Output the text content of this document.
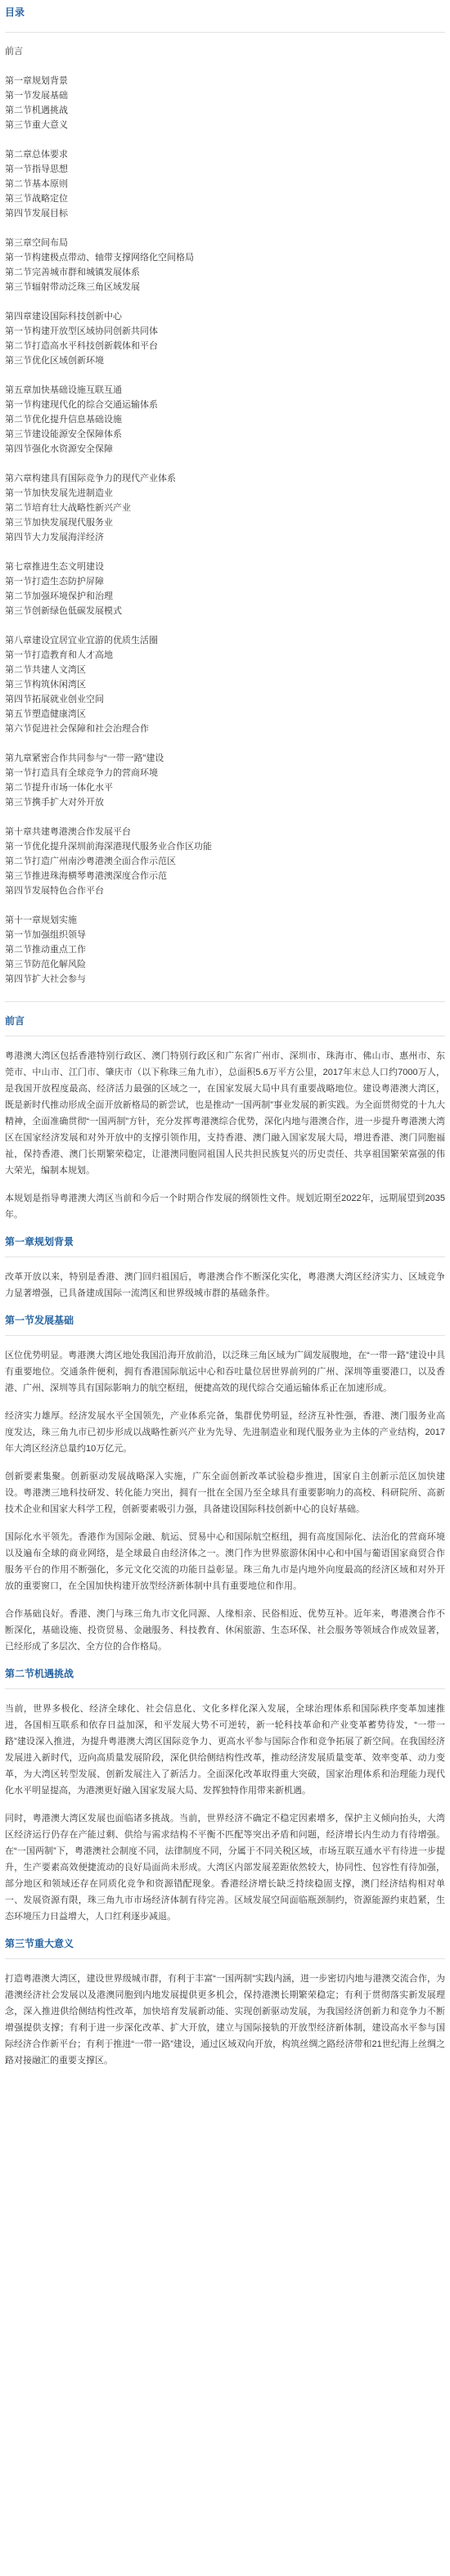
目录
前言
第一章规划背景
第一节发展基础
第二节机遇挑战
第三节重大意义
第二章总体要求
第一节指导思想
第二节基本原则
第三节战略定位
第四节发展目标
第三章空间布局
第一节构建极点带动、轴带支撑网络化空间格局
第二节完善城市群和城镇发展体系
第三节辐射带动泛珠三角区域发展
第四章建设国际科技创新中心
第一节构建开放型区域协同创新共同体
第二节打造高水平科技创新载体和平台
第三节优化区域创新环境
第五章加快基础设施互联互通
第一节构建现代化的综合交通运输体系
第二节优化提升信息基础设施
第三节建设能源安全保障体系
第四节强化水资源安全保障
第六章构建具有国际竞争力的现代产业体系
第一节加快发展先进制造业
第二节培育壮大战略性新兴产业
第三节加快发展现代服务业
第四节大力发展海洋经济
第七章推进生态文明建设
第一节打造生态防护屏障
第二节加强环境保护和治理
第三节创新绿色低碳发展模式
第八章建设宜居宜业宜游的优质生活圈
第一节打造教育和人才高地
第二节共建人文湾区
第三节构筑休闲湾区
第四节拓展就业创业空间
第五节塑造健康湾区
第六节促进社会保障和社会治理合作
第九章紧密合作共同参与“一带一路”建设
第一节打造具有全球竞争力的营商环境
第二节提升市场一体化水平
第三节携手扩大对外开放
第十章共建粤港澳合作发展平台
第一节优化提升深圳前海深港现代服务业合作区功能
第二节打造广州南沙粤港澳全面合作示范区
第三节推进珠海横琴粤港澳深度合作示范
第四节发展特色合作平台
第十一章规划实施
第一节加强组织领导
第二节推动重点工作
第三节防范化解风险
第四节扩大社会参与
前言

粤港澳大湾区包括香港特别行政区、澳门特别行政区和广东省广州市、深圳市、珠海市、佛山市、惠州市、东莞市、中山市、江门市、肇庆市（以下称珠三角九市），总面积5.6万平方公里，2017年末总人口约7000万人，是我国开放程度最高、经济活力最强的区域之一，在国家发展大局中具有重要战略地位。建设粤港澳大湾区，既是新时代推动形成全面开放新格局的新尝试，也是推动“一国两制”事业发展的新实践。为全面贯彻党的十九大精神，全面准确贯彻“一国两制”方针，充分发挥粤港澳综合优势，深化内地与港澳合作，进一步提升粤港澳大湾区在国家经济发展和对外开放中的支撑引领作用，支持香港、澳门融入国家发展大局，增进香港、澳门同胞福祉，保持香港、澳门长期繁荣稳定，让港澳同胞同祖国人民共担民族复兴的历史责任、共享祖国繁荣富强的伟大荣光，编制本规划。

本规划是指导粤港澳大湾区当前和今后一个时期合作发展的纲领性文件。规划近期至2022年，远期展望到2035年。

第一章规划背景

改革开放以来，特别是香港、澳门回归祖国后，粤港澳合作不断深化实化，粤港澳大湾区经济实力、区域竞争力显著增强，已具备建成国际一流湾区和世界级城市群的基础条件。

第一节发展基础

区位优势明显。粤港澳大湾区地处我国沿海开放前沿，以泛珠三角区域为广阔发展腹地，在“一带一路”建设中具有重要地位。交通条件便利，拥有香港国际航运中心和吞吐量位居世界前列的广州、深圳等重要港口，以及香港、广州、深圳等具有国际影响力的航空枢纽，便捷高效的现代综合交通运输体系正在加速形成。

经济实力雄厚。经济发展水平全国领先，产业体系完备，集群优势明显，经济互补性强，香港、澳门服务业高度发达，珠三角九市已初步形成以战略性新兴产业为先导、先进制造业和现代服务业为主体的产业结构，2017年大湾区经济总量约10万亿元。

创新要素集聚。创新驱动发展战略深入实施，广东全面创新改革试验稳步推进，国家自主创新示范区加快建设。粤港澳三地科技研发、转化能力突出，拥有一批在全国乃至全球具有重要影响力的高校、科研院所、高新技术企业和国家大科学工程，创新要素吸引力强，具备建设国际科技创新中心的良好基础。

国际化水平领先。香港作为国际金融、航运、贸易中心和国际航空枢纽，拥有高度国际化、法治化的营商环境以及遍布全球的商业网络，是全球最自由经济体之一。澳门作为世界旅游休闲中心和中国与葡语国家商贸合作服务平台的作用不断强化，多元文化交流的功能日益彰显。珠三角九市是内地外向度最高的经济区域和对外开放的重要窗口，在全国加快构建开放型经济新体制中具有重要地位和作用。

合作基础良好。香港、澳门与珠三角九市文化同源、人缘相亲、民俗相近、优势互补。近年来，粤港澳合作不断深化，基础设施、投资贸易、金融服务、科技教育、休闲旅游、生态环保、社会服务等领域合作成效显著，已经形成了多层次、全方位的合作格局。

第二节机遇挑战

当前，世界多极化、经济全球化、社会信息化、文化多样化深入发展，全球治理体系和国际秩序变革加速推进，各国相互联系和依存日益加深，和平发展大势不可逆转，新一轮科技革命和产业变革蓄势待发，“一带一路”建设深入推进，为提升粤港澳大湾区国际竞争力、更高水平参与国际合作和竞争拓展了新空间。在我国经济发展进入新时代，迈向高质量发展阶段，深化供给侧结构性改革，推动经济发展质量变革、效率变革、动力变革，为大湾区转型发展、创新发展注入了新活力。全面深化改革取得重大突破，国家治理体系和治理能力现代化水平明显提高，为港澳更好融入国家发展大局、发挥独特作用带来新机遇。

同时，粤港澳大湾区发展也面临诸多挑战。当前，世界经济不确定不稳定因素增多，保护主义倾向抬头，大湾区经济运行仍存在产能过剩、供给与需求结构不平衡不匹配等突出矛盾和问题，经济增长内生动力有待增强。在“一国两制”下，粤港澳社会制度不同，法律制度不同，分属于不同关税区域，市场互联互通水平有待进一步提升，生产要素高效便捷流动的良好局面尚未形成。大湾区内部发展差距依然较大，协同性、包容性有待加强，部分地区和领域还存在同质化竞争和资源错配现象。香港经济增长缺乏持续稳固支撑，澳门经济结构相对单一、发展资源有限，珠三角九市市场经济体制有待完善。区域发展空间面临瓶颈制约，资源能源约束趋紧，生态环境压力日益增大，人口红利逐步减退。

第三节重大意义

打造粤港澳大湾区，建设世界级城市群，有利于丰富“一国两制”实践内涵，进一步密切内地与港澳交流合作，为港澳经济社会发展以及港澳同胞到内地发展提供更多机会，保持港澳长期繁荣稳定；有利于贯彻落实新发展理念，深入推进供给侧结构性改革，加快培育发展新动能、实现创新驱动发展，为我国经济创新力和竞争力不断增强提供支撑；有利于进一步深化改革、扩大开放，建立与国际接轨的开放型经济新体制，建设高水平参与国际经济合作新平台；有利于推进“一带一路”建设，通过区域双向开放，构筑丝绸之路经济带和21世纪海上丝绸之路对接融汇的重要支撑区。
